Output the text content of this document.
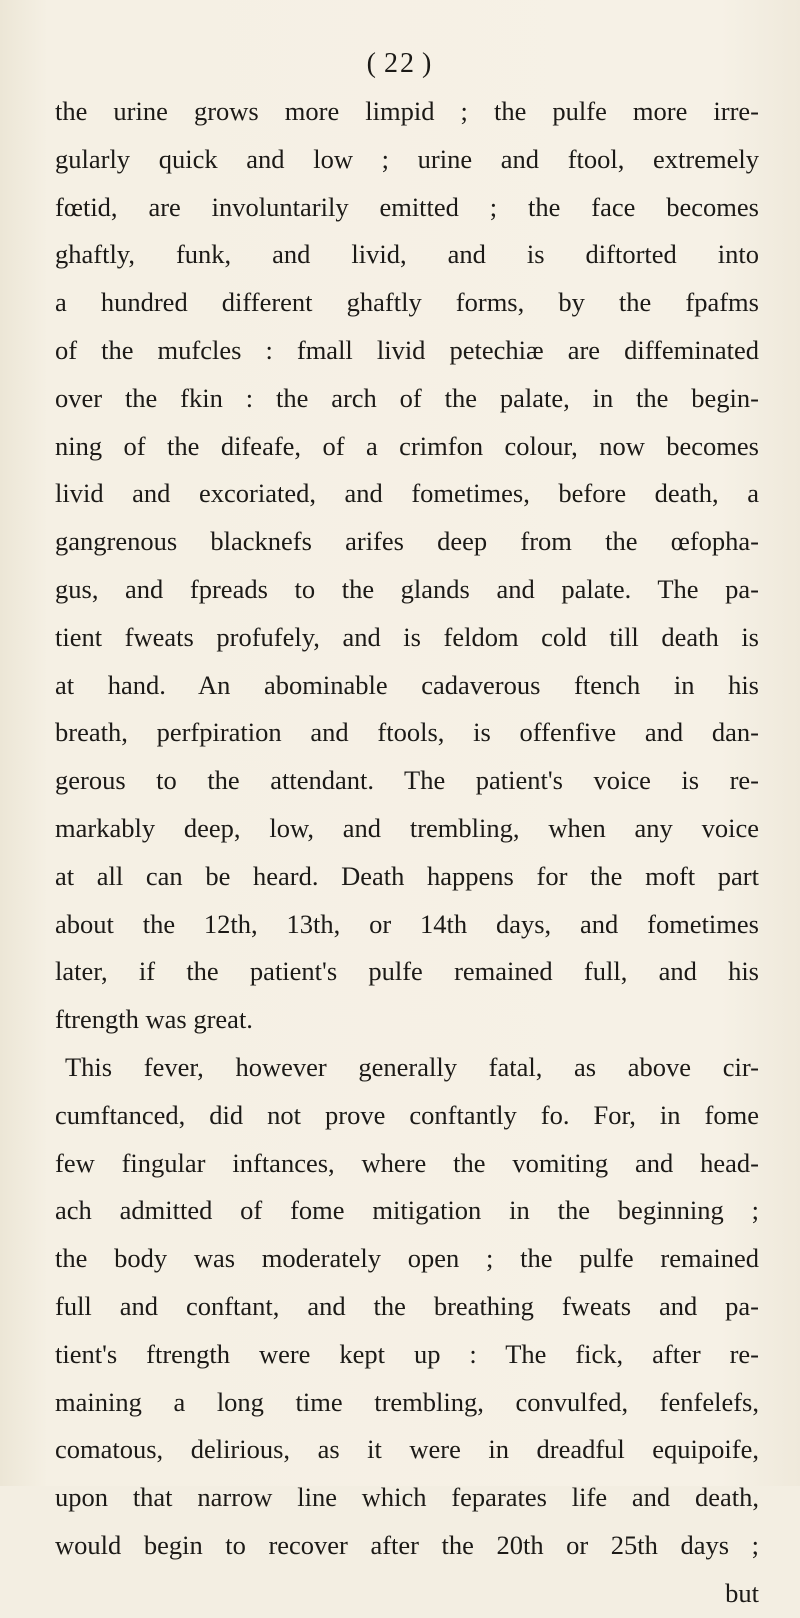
( 22 )
the urine grows more limpid ; the pulfe more irre-
gularly quick and low ; urine and ftool, extremely
fœtid, are involuntarily emitted ; the face becomes
ghaftly, funk, and livid, and is diftorted into
a hundred different ghaftly forms, by the fpafms
of the mufcles : fmall livid petechiæ are diffeminated
over the fkin : the arch of the palate, in the begin-
ning of the difeafe, of a crimfon colour, now becomes
livid and excoriated, and fometimes, before death, a
gangrenous blacknefs arifes deep from the œfopha-
gus, and fpreads to the glands and palate. The pa-
tient fweats profufely, and is feldom cold till death is
at hand. An abominable cadaverous ftench in his
breath, perfpiration and ftools, is offenfive and dan-
gerous to the attendant. The patient's voice is re-
markably deep, low, and trembling, when any voice
at all can be heard. Death happens for the moft part
about the 12th, 13th, or 14th days, and fometimes
later, if the patient's pulfe remained full, and his
ftrength was great.
This fever, however generally fatal, as above cir-
cumftanced, did not prove conftantly fo. For, in fome
few fingular inftances, where the vomiting and head-
ach admitted of fome mitigation in the beginning ;
the body was moderately open ; the pulfe remained
full and conftant, and the breathing fweats and pa-
tient's ftrength were kept up : The fick, after re-
maining a long time trembling, convulfed, fenfelefs,
comatous, delirious, as it were in dreadful equipoife,
upon that narrow line which feparates life and death,
would begin to recover after the 20th or 25th days ;
but
